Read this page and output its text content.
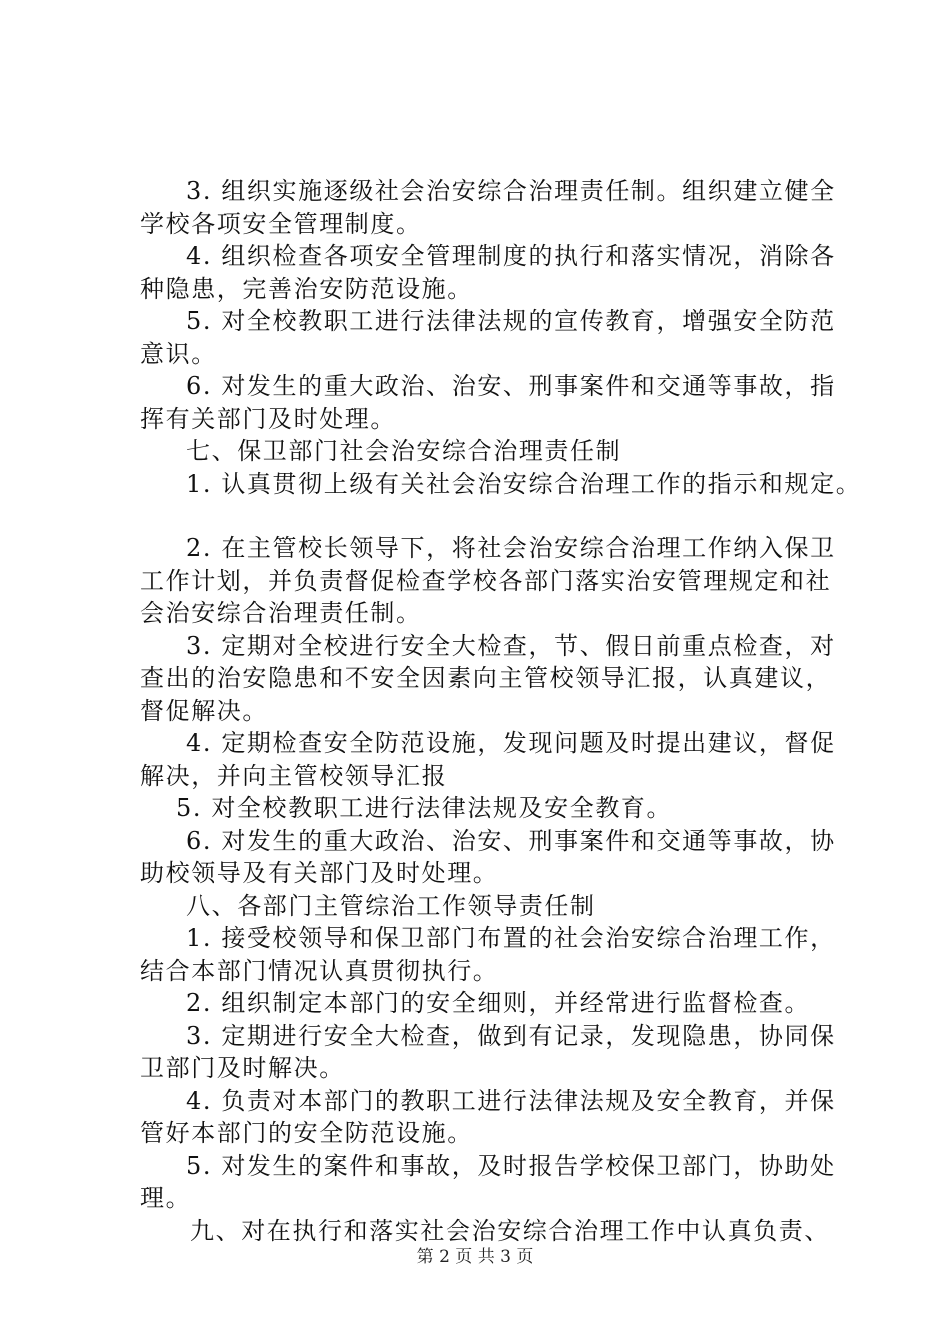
3. 组织实施逐级社会治安综合治理责任制。组织建立健全

学校各项安全管理制度。

4. 组织检查各项安全管理制度的执行和落实情况，消除各

种隐患，完善治安防范设施。

5. 对全校教职工进行法律法规的宣传教育，增强安全防范

意识。

6. 对发生的重大政治、治安、刑事案件和交通等事故，指

挥有关部门及时处理。

七、保卫部门社会治安综合治理责任制

1. 认真贯彻上级有关社会治安综合治理工作的指示和规定。

2. 在主管校长领导下，将社会治安综合治理工作纳入保卫

工作计划，并负责督促检查学校各部门落实治安管理规定和社

会治安综合治理责任制。

3. 定期对全校进行安全大检查，节、假日前重点检查，对

查出的治安隐患和不安全因素向主管校领导汇报，认真建议，

督促解决。

4. 定期检查安全防范设施，发现问题及时提出建议，督促

解决，并向主管校领导汇报

5. 对全校教职工进行法律法规及安全教育。

6. 对发生的重大政治、治安、刑事案件和交通等事故，协

助校领导及有关部门及时处理。

八、各部门主管综治工作领导责任制

1. 接受校领导和保卫部门布置的社会治安综合治理工作，

结合本部门情况认真贯彻执行。

2. 组织制定本部门的安全细则，并经常进行监督检查。

3. 定期进行安全大检查，做到有记录，发现隐患，协同保

卫部门及时解决。

4. 负责对本部门的教职工进行法律法规及安全教育，并保

管好本部门的安全防范设施。

5. 对发生的案件和事故，及时报告学校保卫部门，协助处

理。

九、对在执行和落实社会治安综合治理工作中认真负责、

第 2 页 共 3 页
